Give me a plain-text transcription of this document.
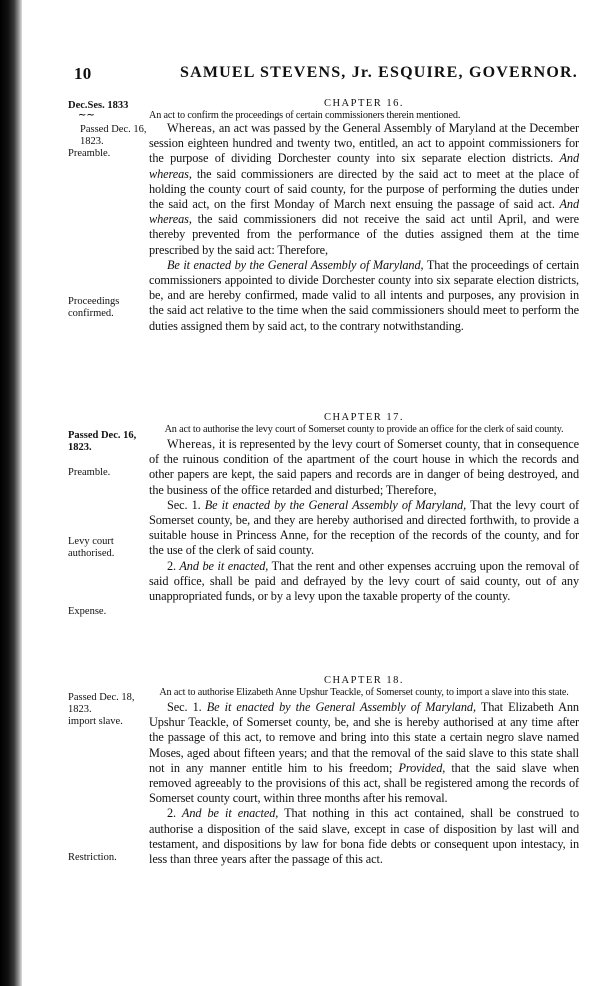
10	SAMUEL STEVENS, Jr. ESQUIRE, GOVERNOR.
Dec.Ses. 1833
∼∼
Passed Dec. 16, 1823.
Preamble.
Proceedings confirmed.
Passed Dec. 16, 1823.
Preamble.
Levy court authorised.
Expense.
Passed Dec. 18, 1823.
import slave.
Restriction.
CHAPTER 16.
An act to confirm the proceedings of certain commissioners therein mentioned.

Whereas, an act was passed by the General Assembly of Maryland at the December session eighteen hundred and twenty two, entitled, an act to appoint commissioners for the purpose of dividing Dorchester county into six separate election districts. And whereas, the said commissioners are directed by the said act to meet at the place of holding the county court of said county, for the purpose of performing the duties under the said act, on the first Monday of March next ensuing the passage of said act. And whereas, the said commissioners did not receive the said act until April, and were thereby prevented from the performance of the duties assigned them at the time prescribed by the said act: Therefore,

Be it enacted by the General Assembly of Maryland, That the proceedings of certain commissioners appointed to divide Dorchester county into six separate election districts, be, and are hereby confirmed, made valid to all intents and purposes, any provision in the said act relative to the time when the said commissioners should meet to perform the duties assigned them by said act, to the contrary notwithstanding.

CHAPTER 17.
An act to authorise the levy court of Somerset county to provide an office for the clerk of said county.

Whereas, it is represented by the levy court of Somerset county, that in consequence of the ruinous condition of the apartment of the court house in which the records and other papers are kept, the said papers and records are in danger of being destroyed, and the business of the office retarded and disturbed; Therefore,

Sec. 1. Be it enacted by the General Assembly of Maryland, That the levy court of Somerset county, be, and they are hereby authorised and directed forthwith, to provide a suitable house in Princess Anne, for the reception of the records of the county, and for the use of the clerk of said county.

2. And be it enacted, That the rent and other expenses accruing upon the removal of said office, shall be paid and defrayed by the levy court of said county, out of any unappropriated funds, or by a levy upon the taxable property of the county.

CHAPTER 18.
An act to authorise Elizabeth Anne Upshur Teackle, of Somerset county, to import a slave into this state.

Sec. 1. Be it enacted by the General Assembly of Maryland, That Elizabeth Ann Upshur Teackle, of Somerset county, be, and she is hereby authorised at any time after the passage of this act, to remove and bring into this state a certain negro slave named Moses, aged about fifteen years; and that the removal of the said slave to this state shall not in any manner entitle him to his freedom; Provided, that the said slave when removed agreeably to the provisions of this act, shall be registered among the records of Somerset county court, within three months after his removal.

2. And be it enacted, That nothing in this act contained, shall be construed to authorise a disposition of the said slave, except in case of disposition by last will and testament, and dispositions by law for bona fide debts or consequent upon intestacy, in less than three years after the passage of this act.
